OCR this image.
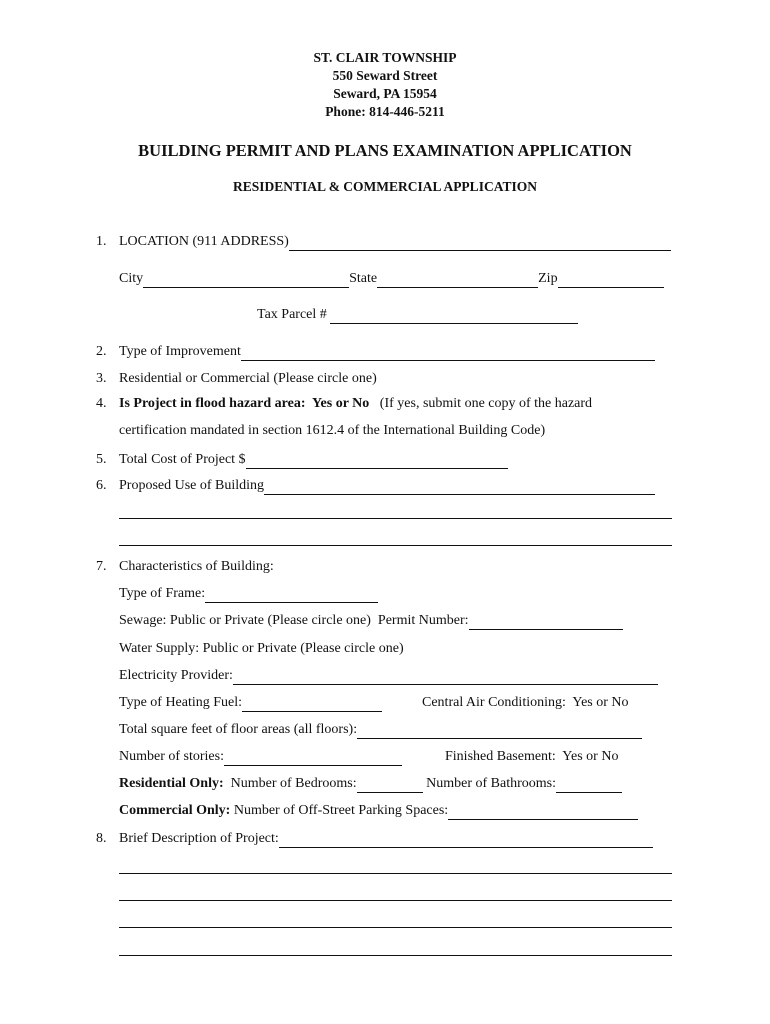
ST. CLAIR TOWNSHIP
550 Seward Street
Seward, PA 15954
Phone: 814-446-5211
BUILDING PERMIT AND PLANS EXAMINATION APPLICATION
RESIDENTIAL & COMMERCIAL APPLICATION
1. LOCATION (911 ADDRESS)
City	State	Zip
Tax Parcel #
2. Type of Improvement
3. Residential or Commercial (Please circle one)
4. Is Project in flood hazard area:  Yes or No (If yes, submit one copy of the hazard
certification mandated in section 1612.4 of the International Building Code)
5. Total Cost of Project $
6. Proposed Use of Building
7. Characteristics of Building:
Type of Frame:
Sewage: Public or Private (Please circle one)  Permit Number:
Water Supply: Public or Private (Please circle one)
Electricity Provider:
Type of Heating Fuel:	Central Air Conditioning:  Yes or No
Total square feet of floor areas (all floors):
Number of stories:	Finished Basement:  Yes or No
Residential Only: Number of Bedrooms:	Number of Bathrooms:
Commercial Only: Number of Off-Street Parking Spaces:
8. Brief Description of Project:
